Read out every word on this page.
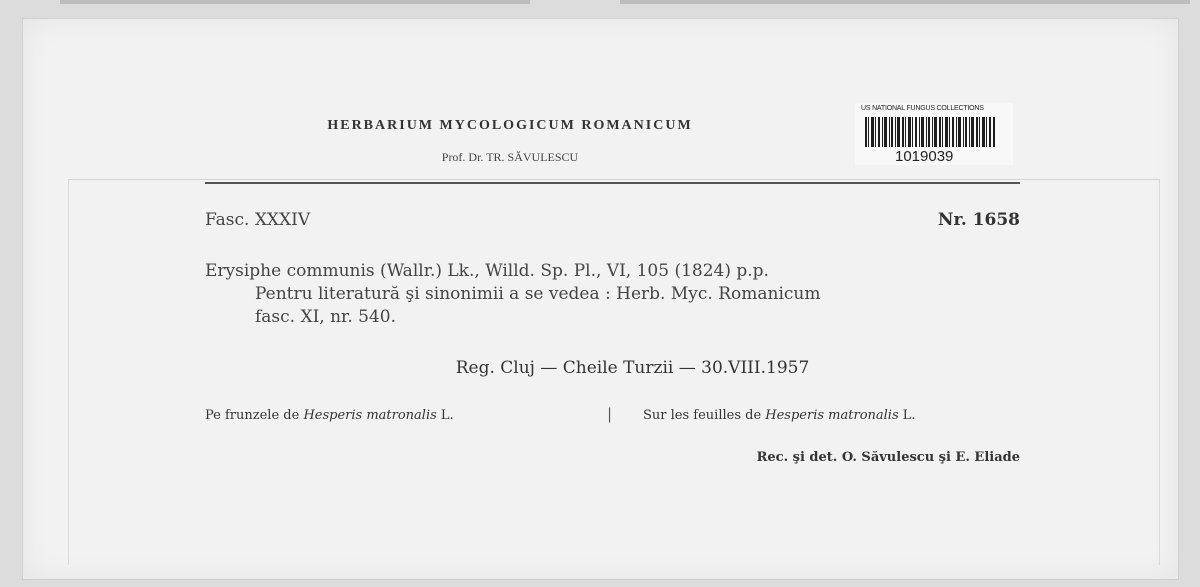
HERBARIUM MYCOLOGICUM ROMANICUM
Prof. Dr. TR. SĂVULESCU
US NATIONAL FUNGUS COLLECTIONS
1019039
Fasc. XXXIV	Nr. 1658
Erysiphe communis (Wallr.) Lk., Willd. Sp. Pl., VI, 105 (1824) p.p.
Pentru literatură şi sinonimii a se vedea : Herb. Myc. Romanicum
fasc. XI, nr. 540.
Reg. Cluj — Cheile Turzii — 30.VIII.1957
Pe frunzele de Hesperis matronalis L.	| Sur les feuilles de Hesperis matronalis L.
Rec. şi det. O. Săvulescu şi E. Eliade
